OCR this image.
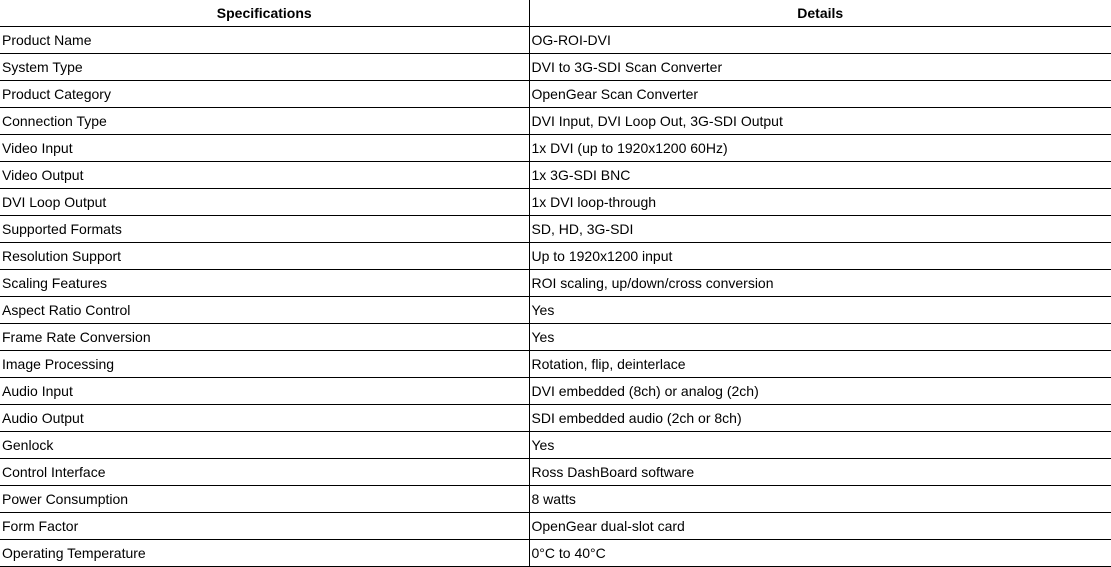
Specifications	Details
Product Name	OG-ROI-DVI
System Type	DVI to 3G-SDI Scan Converter
Product Category	OpenGear Scan Converter
Connection Type	DVI Input, DVI Loop Out, 3G-SDI Output
Video Input	1x DVI (up to 1920x1200 60Hz)
Video Output	1x 3G-SDI BNC
DVI Loop Output	1x DVI loop-through
Supported Formats	SD, HD, 3G-SDI
Resolution Support	Up to 1920x1200 input
Scaling Features	ROI scaling, up/down/cross conversion
Aspect Ratio Control	Yes
Frame Rate Conversion	Yes
Image Processing	Rotation, flip, deinterlace
Audio Input	DVI embedded (8ch) or analog (2ch)
Audio Output	SDI embedded audio (2ch or 8ch)
Genlock	Yes
Control Interface	Ross DashBoard software
Power Consumption	8 watts
Form Factor	OpenGear dual-slot card
Operating Temperature	0°C to 40°C
